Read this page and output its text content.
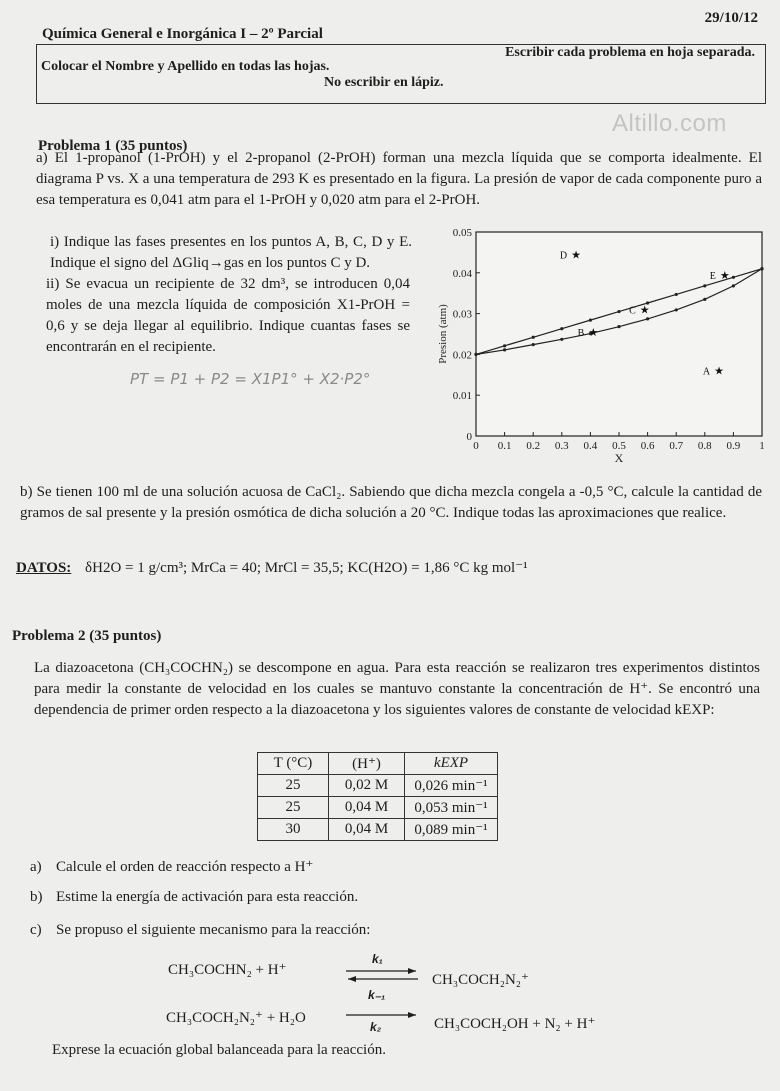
29/10/12
Química General e Inorgánica I – 2º Parcial
Colocar el Nombre y Apellido en todas las hojas.
Escribir cada problema en hoja separada.
No escribir en lápiz.
Altillo.com
Problema 1 (35 puntos)
a) El 1-propanol (1-PrOH) y el 2-propanol (2-PrOH) forman una mezcla líquida que se comporta idealmente. El diagrama P vs. X a una temperatura de 293 K es presentado en la figura. La presión de vapor de cada componente puro a esa temperatura es 0,041 atm para el 1-PrOH y 0,020 atm para el 2-PrOH.
i) Indique las fases presentes en los puntos A, B, C, D y E. Indique el signo del ΔGliq→gas en los puntos C y D.
ii) Se evacua un recipiente de 32 dm³, se introducen 0,04 moles de una mezcla líquida de composición X1-PrOH = 0,6 y se deja llegar al equilibrio. Indique cuantas fases se encontrarán en el recipiente.
PT = P1 + P2 = X1P1° + X2·P2°
0 0.1 0.2 0.3 0.4 0.5 0.6 0.7 0.8 0.9 1
0
0.01
0.02
0.03
0.04
0.05
X
Presion (atm)
★
A
★
B
★
C
★
D
★
E
b) Se tienen 100 ml de una solución acuosa de CaCl₂. Sabiendo que dicha mezcla congela a -0,5 °C, calcule la cantidad de gramos de sal presente y la presión osmótica de dicha solución a 20 °C. Indique todas las aproximaciones que realice.
DATOS: δH2O = 1 g/cm³; MrCa = 40; MrCl = 35,5; KC(H2O) = 1,86 °C kg mol⁻¹
Problema 2 (35 puntos)
La diazoacetona (CH₃COCHN₂) se descompone en agua. Para esta reacción se realizaron tres experimentos distintos para medir la constante de velocidad en los cuales se mantuvo constante la concentración de H⁺. Se encontró una dependencia de primer orden respecto a la diazoacetona y los siguientes valores de constante de velocidad kEXP:
T (°C)	(H⁺)	kEXP
25	0,02 M	0,026 min⁻¹
25	0,04 M	0,053 min⁻¹
30	0,04 M	0,089 min⁻¹
a) Calcule el orden de reacción respecto a H⁺
b) Estime la energía de activación para esta reacción.
c) Se propuso el siguiente mecanismo para la reacción:
CH₃COCHN₂ + H⁺
k₁
k₋₁
CH₃COCH₂N₂⁺
CH₃COCH₂N₂⁺ + H₂O
k₂	CH₃COCH₂OH + N₂ + H⁺
Exprese la ecuación global balanceada para la reacción.
